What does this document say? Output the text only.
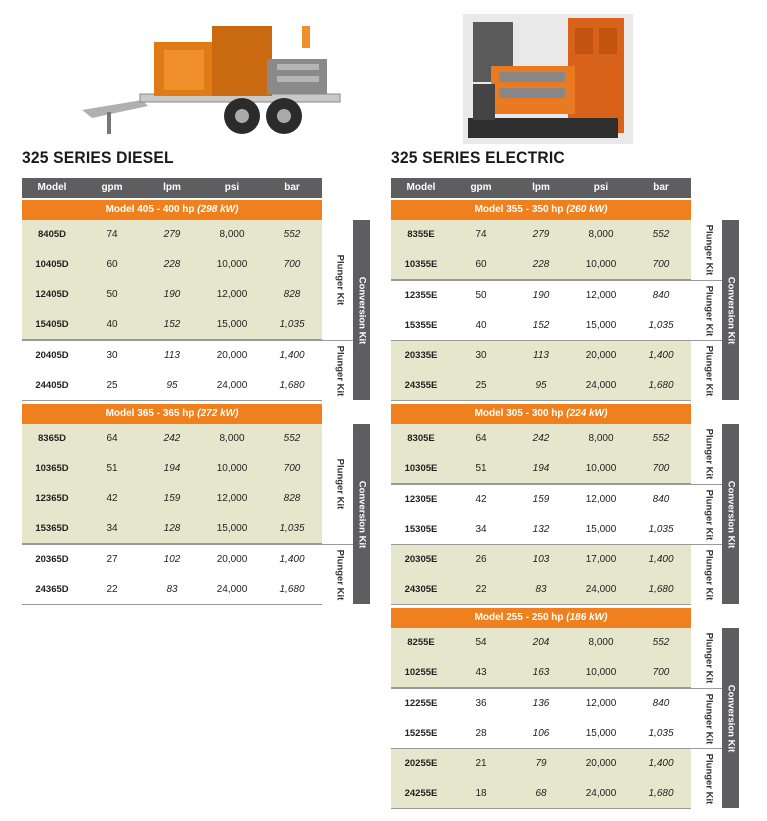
325 SERIES DIESEL
Model	gpm	lpm	psi	bar
Model 405 - 400 hp (298 kW)
8405D	74	279	8,000	552
10405D	60	228	10,000	700
12405D	50	190	12,000	828
15405D	40	152	15,000	1,035
Plunger Kit
20405D	30	113	20,000	1,400
24405D	25	95	24,000	1,680	Plunger Kit
Conversion Kit
Model 365 - 365 hp (272 kW)
8365D	64	242	8,000	552
10365D	51	194	10,000	700
12365D	42	159	12,000	828
15365D	34	128	15,000	1,035
Plunger Kit
20365D	27	102	20,000	1,400
24365D	22	83	24,000	1,680	Plunger Kit
Conversion Kit
325 SERIES ELECTRIC
Model	gpm	lpm	psi	bar
Model 355 - 350 hp (260 kW)
8355E	74	279	8,000	552
10355E	60	228	10,000	700	Plunger Kit
12355E	50	190	12,000	840
15355E	40	152	15,000	1,035	Plunger Kit
20335E	30	113	20,000	1,400
24355E	25	95	24,000	1,680	Plunger Kit
Conversion Kit
Model 305 - 300 hp (224 kW)
8305E	64	242	8,000	552
10305E	51	194	10,000	700	Plunger Kit
12305E	42	159	12,000	840
15305E	34	132	15,000	1,035	Plunger Kit
20305E	26	103	17,000	1,400
24305E	22	83	24,000	1,680	Plunger Kit
Conversion Kit
Model 255 - 250 hp (186 kW)
8255E	54	204	8,000	552
10255E	43	163	10,000	700	Plunger Kit
12255E	36	136	12,000	840
15255E	28	106	15,000	1,035	Plunger Kit
20255E	21	79	20,000	1,400
24255E	18	68	24,000	1,680	Plunger Kit
Conversion Kit
